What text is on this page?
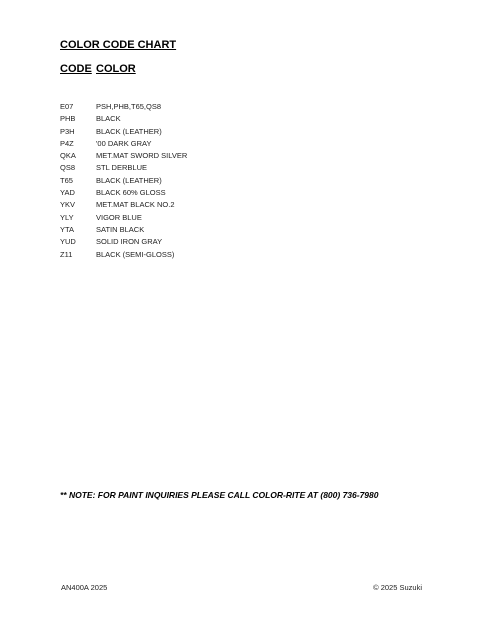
COLOR CODE CHART
CODE COLOR
E07	PSH,PHB,T65,QS8
PHB	BLACK
P3H	BLACK (LEATHER)
P4Z	'00 DARK GRAY
QKA	MET.MAT SWORD SILVER
QS8	STL DERBLUE
T65	BLACK (LEATHER)
YAD	BLACK 60% GLOSS
YKV	MET.MAT BLACK NO.2
YLY	VIGOR BLUE
YTA	SATIN BLACK
YUD	SOLID IRON GRAY
Z11	BLACK (SEMI-GLOSS)
** NOTE: FOR PAINT INQUIRIES PLEASE CALL COLOR-RITE AT (800) 736-7980
AN400A 2025	© 2025 Suzuki
